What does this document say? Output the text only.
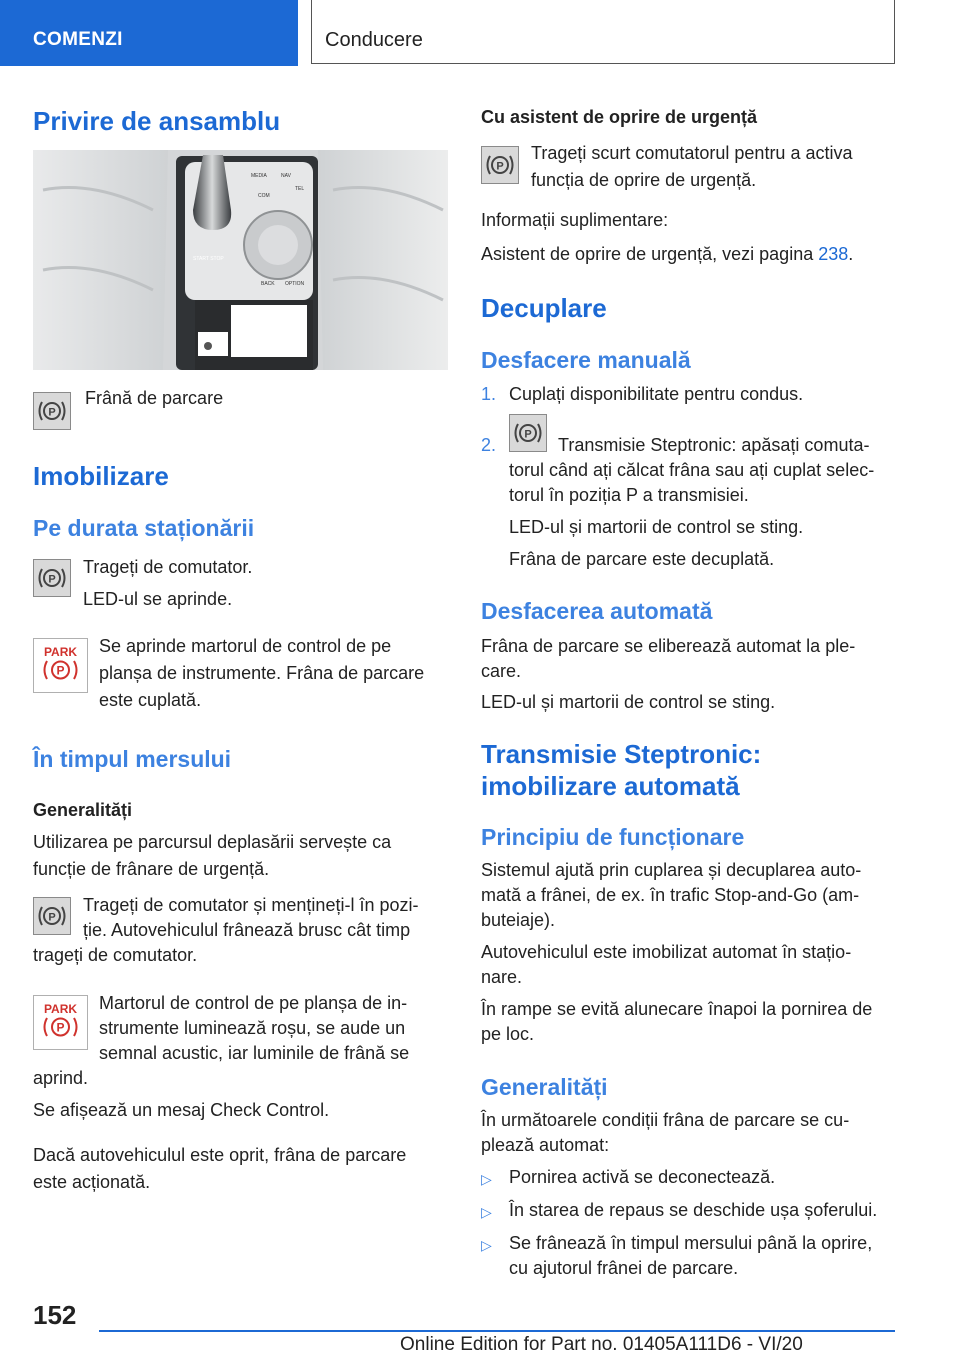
COMENZI	Conducere
Privire de ansamblu
MEDIA	NAV
COM
TEL
BACK OPTION
START STOP
P
Frână de parcare
Imobilizare
Pe durata staționării
P
Trageți de comutator.
LED-ul se aprinde.
PARK
P
Se aprinde martorul de control de pe planșa de instrumente. Frâna de parcare este cuplată.
În timpul mersului
Generalități
Utilizarea pe parcursul deplasării servește ca funcție de frânare de urgență.
P
Trageți de comutator și mențineți-l în pozi-
ție. Autovehiculul frânează brusc cât timp
trageți de comutator.
PARK
P
Martorul de control de pe planșa de in-
strumente luminează roșu, se aude un
semnal acustic, iar luminile de frână se
aprind.
Se afișează un mesaj Check Control.
Dacă autovehiculul este oprit, frâna de parcare este acționată.
Cu asistent de oprire de urgență
P
Trageți scurt comutatorul pentru a activa funcția de oprire de urgență.
Informații suplimentare:
Asistent de oprire de urgență, vezi pagina 238.
Decuplare
Desfacere manuală
1. Cuplați disponibilitate pentru condus.
2.
P
Transmisie Steptronic: apăsați comuta-
torul când ați călcat frâna sau ați cuplat selec-
torul în poziția P a transmisiei.
LED-ul și martorii de control se sting.
Frâna de parcare este decuplată.
Desfacerea automată
Frâna de parcare se eliberează automat la ple-
care.
LED-ul și martorii de control se sting.
Transmisie Steptronic:
imobilizare automată
Principiu de funcționare
Sistemul ajută prin cuplarea și decuplarea auto-
mată a frânei, de ex. în trafic Stop-and-Go (am-
buteiaje).
Autovehiculul este imobilizat automat în stațio-
nare.
În rampe se evită alunecare înapoi la pornirea de
pe loc.
Generalități
În următoarele condiții frâna de parcare se cu-
plează automat:
▷ Pornirea activă se deconectează.
▷ În starea de repaus se deschide ușa șoferului.
▷ Se frânează în timpul mersului până la oprire,
cu ajutorul frânei de parcare.
152
Online Edition for Part no. 01405A111D6 - VI/20
